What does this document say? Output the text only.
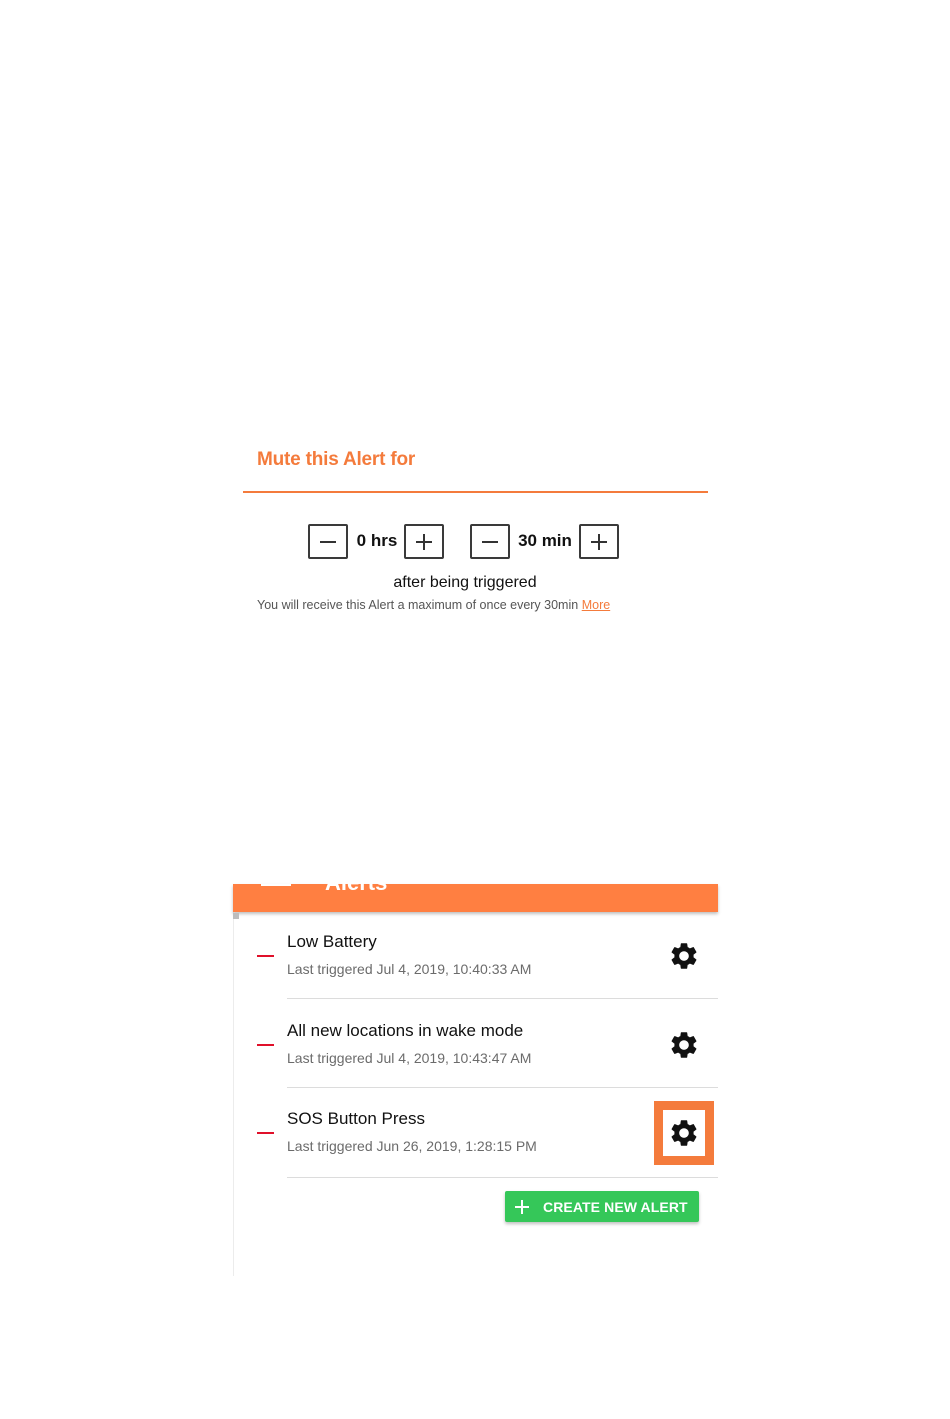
Mute this Alert for
0 hrs	30 min
after being triggered
You will receive this Alert a maximum of once every 30min More
Alerts
Low Battery
Last triggered Jul 4, 2019, 10:40:33 AM
All new locations in wake mode
Last triggered Jul 4, 2019, 10:43:47 AM
SOS Button Press
Last triggered Jun 26, 2019, 1:28:15 PM
CREATE NEW ALERT
